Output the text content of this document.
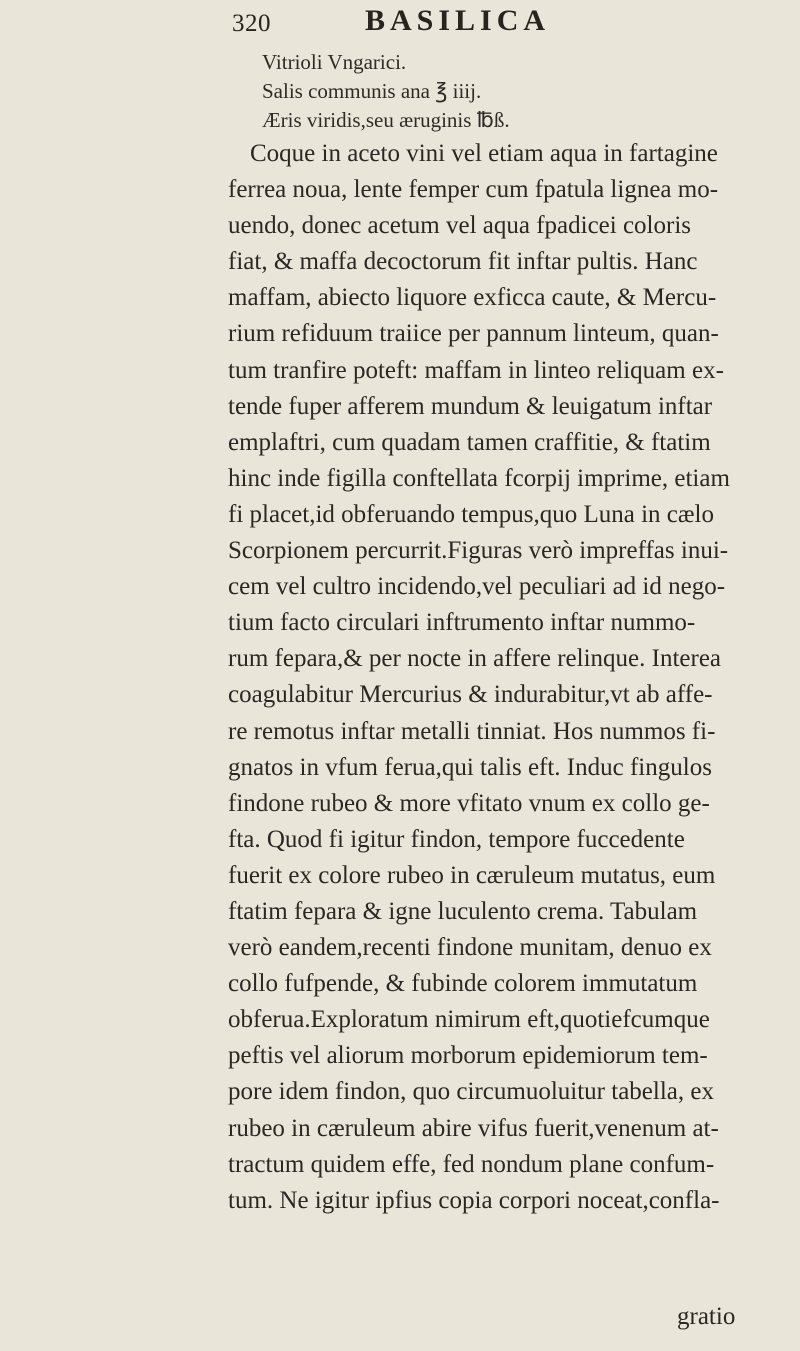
320	BASILICA
Vitrioli Vngarici.
Salis communis ana ℥ iiij.
Æris viridis,seu æruginis ℔ß.
Coque in aceto vini vel etiam aqua in fartagine
ferrea noua, lente femper cum fpatula lignea mo-
uendo, donec acetum vel aqua fpadicei coloris
fiat, & maffa decoctorum fit inftar pultis. Hanc
maffam, abiecto liquore exficca caute, & Mercu-
rium refiduum traiice per pannum linteum, quan-
tum tranfire poteft: maffam in linteo reliquam ex-
tende fuper afferem mundum & leuigatum inftar
emplaftri, cum quadam tamen craffitie, & ftatim
hinc inde figilla conftellata fcorpij imprime, etiam
fi placet,id obferuando tempus,quo Luna in cælo
Scorpionem percurrit.Figuras verò impreffas inui-
cem vel cultro incidendo,vel peculiari ad id nego-
tium facto circulari inftrumento inftar nummo-
rum fepara,& per nocte in affere relinque. Interea
coagulabitur Mercurius & indurabitur,vt ab affe-
re remotus inftar metalli tinniat. Hos nummos fi-
gnatos in vfum ferua,qui talis eft. Induc fingulos
findone rubeo & more vfitato vnum ex collo ge-
fta. Quod fi igitur findon, tempore fuccedente
fuerit ex colore rubeo in cæruleum mutatus, eum
ftatim fepara & igne luculento crema. Tabulam
verò eandem,recenti findone munitam, denuo ex
collo fufpende, & fubinde colorem immutatum
obferua.Exploratum nimirum eft,quotiefcumque
peftis vel aliorum morborum epidemiorum tem-
pore idem findon, quo circumuoluitur tabella, ex
rubeo in cæruleum abire vifus fuerit,venenum at-
tractum quidem effe, fed nondum plane confum-
tum. Ne igitur ipfius copia corpori noceat,confla-
gratio
